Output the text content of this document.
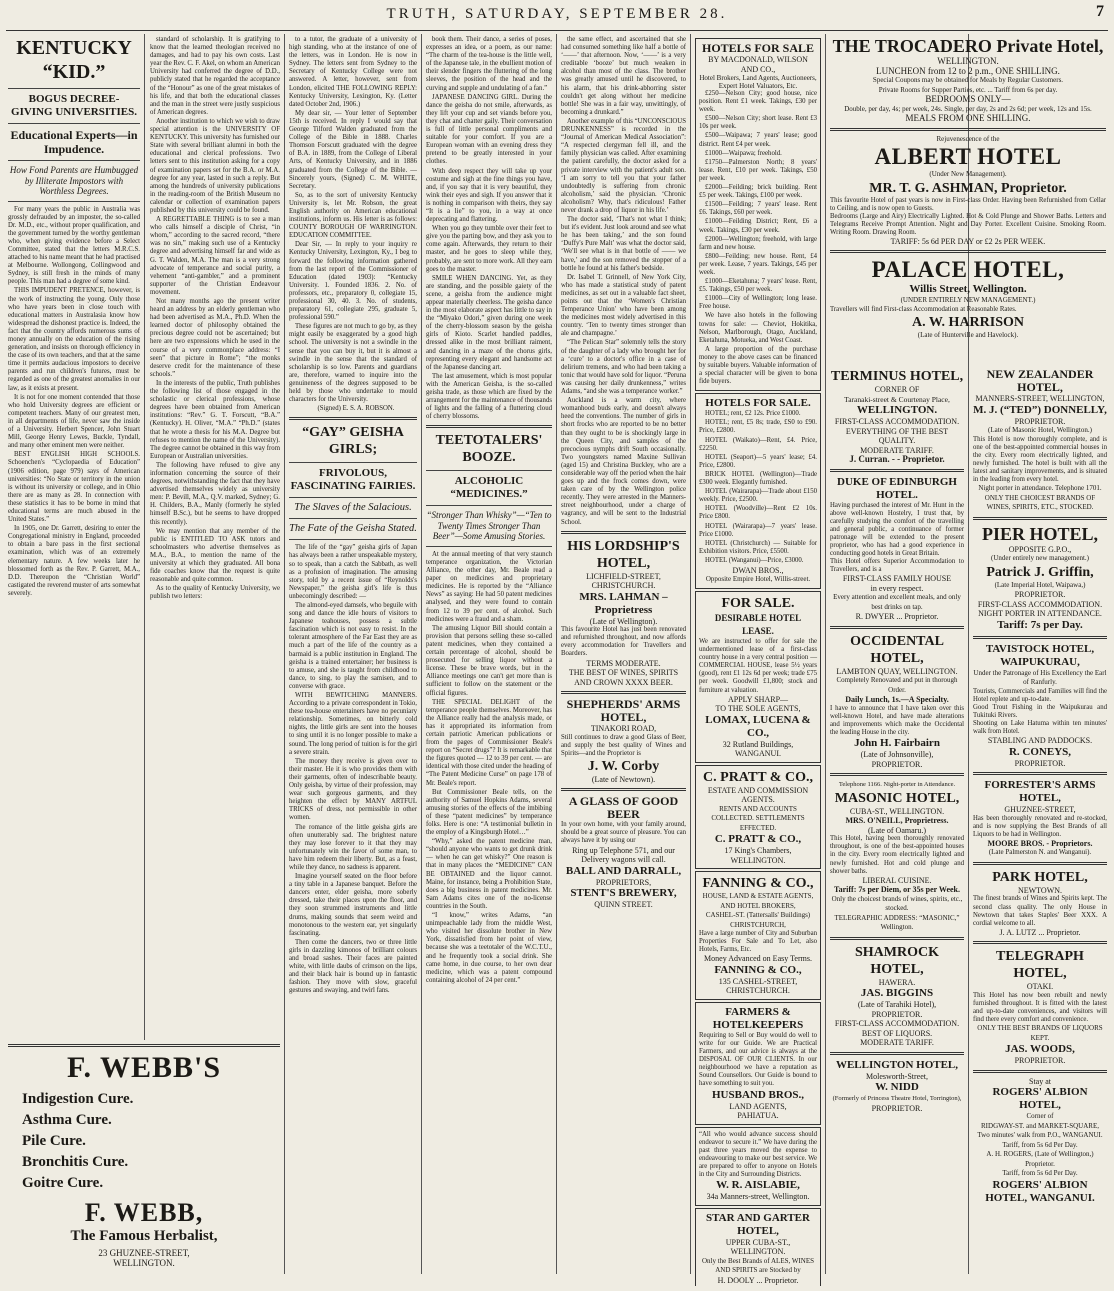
TRUTH, SATURDAY, SEPTEMBER 28.	7
KENTUCKY “KID.”
BOGUS DECREE-GIVING UNIVERSITIES.
Educational Experts—in Impudence.
How Fond Parents are Humbugged by Illiterate Impostors with Worthless Degrees.

For many years the public in Australia was grossly defrauded by an imposter, the so-called Dr. M.D., etc., without proper qualification, and the government turned by the worthy gentleman who, when giving evidence before a Select Committee, stated that the letters M.R.C.S. attached to his name meant that he had practised at Melbourne. Wollongong, Collingwood and Sydney, is still fresh in the minds of many people. This man had a degree of some kind.

THIS IMPUDENT PRETENCE, however, is the work of instructing the young. Only those who have years been in close touch with educational matters in Australasia know how widespread the dishonest practice is. Indeed, the fact that the country affords numerous sums of money annually on the education of the rising generation, and insists on thorough efficiency in the case of its own teachers, and that at the same time it permits audacious impostors to deceive parents and run children's futures, must be regarded as one of the greatest anomalies in our law, as it exists at present.

It is not for one moment contended that those who hold University degrees are efficient or competent teachers. Many of our greatest men, in all departments of life, never saw the inside of a University. Herbert Spencer, John Stuart Mill, George Henry Lewes, Buckle, Tyndall, and many other eminent men were neither.

BEST ENGLISH HIGH SCHOOLS. Schoenchen's “Cyclopaedia of Education” (1906 edition, page 979) says of American universities: “No State or territory in the union is without its university or college, and in Ohio there are as many as 28. In connection with these statistics it has to be borne in mind that educational terms are much abused in the United States.”

In 1905, one Dr. Garrett, desiring to enter the Congregational ministry in England, proceeded to obtain a bare pass in the first sectional examination, which was of an extremely elementary nature. A few weeks later he blossomed forth as the Rev. P. Garrett, M.A., D.D. Thereupon the “Christian World” castigated the reverend muster of arts somewhat severely.

standard of scholarship. It is gratifying to know that the learned theologian received no damages, and had to pay his own costs. Last year the Rev. C. F. Akel, on whom an American University had conferred the degree of D.D., publicly stated that he regarded the acceptance of the “Honour” as one of the great mistakes of his life, and that both the educational classes and the man in the street were justly suspicious of American degrees.

Another institution to which we wish to draw special attention is the UNIVERSITY OF KENTUCKY. This university has furnished our State with several brilliant alumni in both the educational and clerical professions. Two letters sent to this institution asking for a copy of examination papers set for the B.A. or M.A. degree for any year, lasted in such a reply. But among the hundreds of university publications in the reading-room of the British Museum no calendar or collection of examination papers published by this university could be found.

A REGRETTABLE THING is to see a man who calls himself a disciple of Christ, “in whom,” according to the sacred record, “there was no sin,” making such use of a Kentucky degree and advertising himself far and wide as G. T. Walden, M.A. The man is a very strong advocate of temperance and social purity, a vehement “anti-gambler,” and a prominent supporter of the Christian Endeavour movement.

Not many months ago the present writer heard an address by an elderly gentleman who had been advertised as M.A., Ph.D. When the learned doctor of philosophy obtained the precious degree could not be ascertained; but here are two expressions which he used in the course of a very commonplace address: “I seen” that picture in Rome”; “the monks deserve credit for the maintenance of these schools.”

In the interests of the public, Truth publishes the following list of those engaged in the scholastic or clerical professions, whose degrees have been obtained from American institutions: “Rev.” G. T. Forscutt, “B.A.” (Kentucky). H. Oliver, “M.A.” “Ph.D.” (states that he wrote a thesis for his M.A. Degree but refuses to mention the name of the University). The degree cannot be obtained in this way from European or Australian universities.

The following have refused to give any information concerning the source of their degrees, notwithstanding the fact that they have advertised themselves widely as university men: P. Bevill, M.A., Q.V. marked, Sydney; G. H. Childers, B.A., Manly (formerly he styled himself B.Sc.), but he seems to have dropped this recently).

We may mention that any member of the public is ENTITLED TO ASK tutors and schoolmasters who advertise themselves as M.A., B.A., to mention the name of the university at which they graduated. All bona fide coaches know that the request is quite reasonable and quite common.

As to the quality of Kentucky University, we publish two letters:

F. WEBB'S
Indigestion Cure.
Asthma Cure.
Pile Cure.
Bronchitis Cure.
Goitre Cure.
F. WEBB,
The Famous Herbalist,
23 GHUZNEE-STREET,
WELLINGTON.

to a tutor, the graduate of a university of high standing, who at the instance of one of the letters, was in London. He is now in Sydney. The letters sent from Sydney to the Secretary of Kentucky College were not answered. A letter, however, sent from London, elicited THE FOLLOWING REPLY: Kentucky University, Lexington, Ky. (Letter dated October 2nd, 1906.)

My dear sir, — Your letter of September 15th is received. In reply I would say that George Tilford Walden graduated from the College of the Bible in 1888. Charles Thomson Forscutt graduated with the degree of B.A. in 1889, from the College of Liberal Arts, of Kentucky University, and in 1886 graduated from the College of the Bible. — Sincerely yours, (Signed) C. M. WHITE, Secretary.

So, as to the sort of university Kentucky University is, let Mr. Robson, the great English authority on American educational institutions, inform us. His letter is as follows: COUNTY BOROUGH OF WARRINGTON. EDUCATION COMMITTEE.

Dear Sir, — In reply to your inquiry re Kentucky University, Lexington, Ky., I beg to forward the following information gathered from the last report of the Commissioner of Education (dated 1903): “Kentucky University. 1. Founded 1836. 2. No. of professors, etc., preparatory 0, collegiate 15, professional 30, 40. 3. No. of students, preparatory 61, collegiate 295, graduate 5, professional 590.”

These figures are not much to go by, as they might easily be exaggerated by a good high school. The university is not a swindle in the sense that you can buy it, but it is almost a swindle in the sense that the standard of scholarship is so low. Parents and guardians are, therefore, warned to inquire into the genuineness of the degrees supposed to be held by those who undertake to mould characters for the University.

(Signed) E. S. A. ROBSON.

“GAY” GEISHA GIRLS;
FRIVOLOUS, FASCINATING FAIRIES.
The Slaves of the Salacious.
The Fate of the Geisha Stated.

The life of the “gay” geisha girls of Japan has always been a rather unspeakable mystery, so to speak, than a catch the Sabbath, as well as a profusion of imagination. The amusing story, told by a recent issue of “Reynolds's Newspaper,” the geisha girl's life is thus unbecomingly described: —

The almond-eyed damsels, who beguile with song and dance the idle hours of visitors to Japanese teahouses, possess a subtle fascination which is not easy to resist. In the tolerant atmosphere of the Far East they are as much a part of the life of the country as a barmaid is a public institution in England. The geisha is a trained entertainer; her business is to amuse, and she is taught from childhood to dance, to sing, to play the samisen, and to converse with grace.

WITH BEWITCHING MANNERS. According to a private correspondent in Tokio, these tea-house entertainers have no pecuniary relationship. Sometimes, on bitterly cold nights, the little girls are sent into the houses to sing until it is no longer possible to make a sound. The long period of tuition is for the girl a severe strain.

The money they receive is given over to their master. He it is who provides them with their garments, often of indescribable beauty. Only geisha, by virtue of their profession, may wear such gorgeous garments, and they heighten the effect by MANY ARTFUL TRICKS of dress, not permissible in other women.

The romance of the little geisha girls are often unutterably sad. The brightest nature they may lose forever to it that they may unfortunately win the favor of some man, to have him redeem their liberty. But, as a feast, while they dance, no sadness is apparent.

Imagine yourself seated on the floor before a tiny table in a Japanese banquet. Before the dancers enter, elder geisha, more soberly dressed, take their places upon the floor, and they soon strummed instruments and little drums, making sounds that seem weird and monotonous to the western ear, yet singularly fascinating.

Then come the dancers, two or three little girls in dazzling kimonos of brilliant colours and broad sashes. Their faces are painted white, with little daubs of crimson on the lips, and their black hair is bound up in fantastic fashion. They move with slow, graceful gestures and swaying, and twirl fans.

book them. Their dance, a series of poses, expresses an idea, or a poem, as our name: “The charm of the tea-house is the little well, of the Japanese tale, in the ebullient motion of their slender fingers the fluttering of the long sleeves, the position of the head and the curving and supple and undulating of a fan.”

JAPANESE DANCING GIRL. During the dance the geisha do not smile, afterwards, as they lift your cup and set viands before you, they chat and chatter gaily. Their conversation is full of little personal compliments and suitable for your comfort. If you are a European woman with an evening dress they pretend to be greatly interested in your clothes.

With deep respect they will take up your costume and sigh at the fine things you have, and, if you say that it is very beautiful, they wink their eyes and sigh. If you answer that it is nothing in comparison with theirs, they say “It is a lie” to you, in a way at once deprecating and flattering.

When you go they tumble over their feet to give you the parting bow, and they ask you to come again. Afterwards, they return to their master, and he goes to sleep while they, probably, are sent to more work. All they earn goes to the master.

SMILE WHEN DANCING. Yet, as they are standing, and the possible gaiety of the scene, a geisha from the audience might appear materially cheerless. The geisha dance in the most elaborate aspect has little to say in the “Miyako Odori,” given during one week of the cherry-blossom season by the geisha girls of Kioto. Scarlet handled paddles, dressed alike in the most brilliant raiment, and dancing in a maze of the chorus girls, representing every elegant and handsome act of the Japanese dancing art.

The last amusement, which is most popular with the American Geisha, is the so-called geisha trade, as those which are fixed by the arrangement for the maintenance of thousands of lights and the falling of a fluttering cloud of cherry blossoms.

TEETOTALERS' BOOZE.
ALCOHOLIC “MEDICINES.”
“Stronger Than Whisky”—“Ten to Twenty Times Stronger Than Beer”—Some Amusing Stories.

At the annual meeting of that very staunch temperance organization, the Victorian Alliance, the other day, Mr. Beale read a paper on medicines and proprietary medicines. He is reported by the “Alliance News” as saying: He had 50 patent medicines analysed, and they were found to contain from 12 to 39 per cent. of alcohol. Such medicines were a fraud and a sham.

The amusing Liquor Bill should contain a provision that persons selling these so-called patent medicines, when they contained a certain percentage of alcohol, should be prosecuted for selling liquor without a license. These be brave words, but in the Alliance meetings one can't get more than is sufficient to follow on the statement or the official figures.

THE SPECIAL DELIGHT of the temperance people themselves. Moreover, has the Alliance really had the analysis made, or has it appropriated its information from certain patriotic American publications or from the pages of Commissioner Beale's report on “Secret drugs”? It is remarkable that the figures quoted — 12 to 39 per cent. — are identical with those cited under the heading of “The Patent Medicine Curse” on page 178 of Mr. Beale's report.

But Commissioner Beale tells, on the authority of Samuel Hopkins Adams, several amusing stories of the effects of the imbibing of these “patent medicines” by temperance folks. Here is one: “A testimonial bulletin in the employ of a Kingsburgh Hotel…”

“Why,” asked the patent medicine man, “should anyone who wants to get drunk drink — when he can get whisky?” One reason is that in many places the “MEDICINE” CAN BE OBTAINED and the liquor cannot. Maine, for instance, being a Prohibition State, does a big business in patent medicines. Mr. Sam Adams cites one of the no-license countries in the South.

“I know,” writes Adams, “an unimpeachable lady from the middle West, who visited her dissolute brother in New York, dissatisfied from her point of view, because she was a teetotaler of the W.C.T.U., and he frequently took a social drink. She came home, in due course, to her own dear medicine, which was a patent compound containing alcohol of 24 per cent.”

the same effect, and ascertained that she had consumed something like half a bottle of ‘——’ that afternoon. Now, ‘——’ is a very creditable ‘booze’ but much weaken in alcohol than most of the class. The brother was greatly amused until he discovered, to his alarm, that his drink-abhorring sister couldn't get along without her medicine bottle! She was in a fair way, unwittingly, of becoming a drunkard.”

Another example of this “UNCONSCIOUS DRUNKENNESS” is recorded in the “Journal of American Medical Association”: “A respected clergyman fell ill, and the family physician was called. After examining the patient carefully, the doctor asked for a private interview with the patient's adult son. ‘I am sorry to tell you that your father undoubtedly is suffering from chronic alcoholism,’ said the physician. ‘Chronic alcoholism? Why, that's ridiculous! Father never drank a drop of liquor in his life.’

The doctor said, ‘That's not what I think; but it's evident. Just look around and see what he has been taking,’ and the son found ‘Duffy's Pure Malt’ was what the doctor said, ‘We'll see what is in that bottle of —— we have,’ and the son removed the stopper of a bottle he found at his father's bedside.

Dr. Isabel T. Grinnell, of New York City, who has made a statistical study of patent medicines, as set out in a valuable fact sheet, points out that the ‘Women's Christian Temperance Union' who have been among the medicines most widely advertised in this country. ‘Ten to twenty times stronger than ale and champagne.’

“The Pelican Star” solemnly tells the story of the daughter of a lady who brought her for a ‘cure’ to a doctor's office in a case of delirium tremens, and who had been taking a tonic that would have sold for liquor. “Peruna was causing her daily drunkenness,” writes Adams, “and she was a temperance worker.”

Auckland is a warm city, where womanhood buds early, and doesn't always heed the conventions. The number of girls in short frocks who are reported to be no better than they ought to be is shockingly large in the Queen City, and samples of the precocious nymphs drift South occasionally. Two youngsters named Maxine Sullivan (aged 15) and Christina Buckley, who are a considerable way off the period when the hair goes up and the frock comes down, were taken care of by the Wellington police recently. They were arrested in the Manners-street neighbourhood, under a charge of vagrancy, and will be sent to the Industrial School.

HIS LORDSHIP'S HOTEL,
LICHFIELD-STREET, CHRISTCHURCH.
MRS. LAHMAN – Proprietress
(Late of Wellington).
This favourite Hotel has just been renovated and refurnished throughout, and now affords every accommodation for Travellers and Boarders.
TERMS MODERATE.
THE BEST OF WINES, SPIRITS AND CROWN XXXX BEER.
SHEPHERDS' ARMS HOTEL,
TINAKORI ROAD,
Still continues to draw a good Glass of Beer, and supply the best quality of Wines and Spirits—and the Proprietor is
J. W. Corby
(Late of Newtown).
A GLASS OF GOOD BEER
In your own home, with your family around, should be a great source of pleasure. You can always have it by using our
Ring up Telephone 571, and our Delivery wagons will call.
BALL AND DARRALL,
PROPRIETORS,
STENT'S BREWERY,
QUINN STREET.
HOTELS FOR SALE
BY MACDONALD, WILSON AND CO.,
Hotel Brokers, Land Agents, Auctioneers, Expert Hotel Valuators, Etc.

£250—Nelson City; good house, nice position. Rent £1 week. Takings, £30 per week.

£500—Nelson City; short lease. Rent £3 10s per week.

£500—Waipawa; 7 years' lease; good district. Rent £4 per week.

£1000—Waipawa; freehold.

£1750—Palmerston North; 8 years' lease. Rent, £10 per week. Takings, £50 per week.

£2000—Feilding; brick building. Rent £5 per week. Takings, £100 per week.

£1500—Feilding; 7 years' lease. Rent £6. Takings, £60 per week.

£1000—Feilding District; Rent, £6 a week. Takings, £30 per week.

£2000—Wellington; freehold, with large farm and new house.

£800—Feilding; new house. Rent, £4 per week. Lease, 7 years. Takings, £45 per week.

£1000—Eketahuna; 7 years' lease. Rent, £5. Takings, £50 per week.

£1000—City of Wellington; long lease. Free house.

We have also hotels in the following towns for sale: — Cheviot, Hokitika, Nelson, Marlborough, Otago, Auckland, Eketahuna, Motueka, and West Coast.

A large proportion of the purchase money to the above cases can be financed by suitable buyers. Valuable information of a special character will be given to bona fide buyers.

HOTELS FOR SALE.

HOTEL; rent, £2 12s. Price £1000.

HOTEL; rent, £5 8s; trade, £S0 to £90. Price, £2800.

HOTEL (Waikato)—Rent, £4. Price, £2250.

HOTEL (Seaport)—5 years' lease; £4. Price, £2800.

BRICK HOTEL (Wellington)—Trade £300 week. Elegantly furnished.

HOTEL (Wairarapa)—Trade about £150 weekly. Price, £2500.

HOTEL (Woodville)—Rent £2 10s. Price £800.

HOTEL (Wairarapa)—7 years' lease. Price £1000.

HOTEL (Christchurch) — Suitable for Exhibition visitors. Price, £5500.

HOTEL (Wanganui)—Price, £3000.

DWAN BROS.,
Opposite Empire Hotel, Willis-street.
FOR SALE.
DESIRABLE HOTEL LEASE.
We are instructed to offer for sale the undermentioned lease of a first-class country house in a very central position — COMMERCIAL HOUSE, lease 5½ years (good), rent £1 12s 6d per week; trade £75 per week. Goodwill £1,800; stock and furniture at valuation.
APPLY SHARP—
TO THE SOLE AGENTS,
LOMAX, LUCENA & CO.,
32 Rutland Buildings, WANGANUI.
C. PRATT & CO.,
ESTATE AND COMMISSION AGENTS.
RENTS AND ACCOUNTS COLLECTED. SETTLEMENTS EFFECTED.
C. PRATT & CO.,
17 King's Chambers, WELLINGTON.
FANNING & CO.,
HOUSE, LAND & ESTATE AGENTS, AND HOTEL BROKERS,
CASHEL-ST. (Tattersalls' Buildings) CHRISTCHURCH,
Have a large number of City and Suburban Properties For Sale and To Let, also Hotels, Farms, Etc.
Money Advanced on Easy Terms.
FANNING & CO.,
135 CASHEL-STREET, CHRISTCHURCH.
FARMERS & HOTELKEEPERS
Requiring to Sell or Buy would do well to write for our Guide. We are Practical Farmers, and our advice is always at the DISPOSAL OF OUR CLIENTS. In our neighbourhood we have a reputation as Sound Counsellors. Our Guide is bound to have something to suit you.
HUSBAND BROS.,
LAND AGENTS,
PAHIATUA.
“All who would advance success should endeavor to secure it.” We have during the past three years moved the expense to endeavouring to make our best service. We are prepared to offer to anyone on Hotels in the City and Surrounding Districts.
W. R. AISLABIE,
34a Manners-street, Wellington.
STAR AND GARTER HOTEL,
UPPER CUBA-ST., WELLINGTON.
Only the Best Brands of ALES, WINES AND SPIRITS are Stocked by
H. DOOLY ... Proprietor.
THE TROCADERO Private Hotel,
WELLINGTON.
LUNCHEON from 12 to 2 p.m., ONE SHILLING.
Special Coupons may be obtained for Meals by Regular Customers.
Private Rooms for Supper Parties, etc. ... Tariff from 6s per day.
BEDROOMS ONLY—
Double, per day, 4s; per week, 24s. Single, per day, 2s and 2s 6d; per week, 12s and 15s.
MEALS FROM ONE SHILLING.
Rejuvenescence of the
ALBERT HOTEL
(Under New Management).
MR. T. G. ASHMAN, Proprietor.
This favourite Hotel of past years is now in First-class Order. Having been Refurnished from Cellar to Ceiling, and is now open to Guests.
Bedrooms (Large and Airy) Electrically Lighted. Hot & Cold Plunge and Shower Baths. Letters and Telegrams Receive Prompt Attention. Night and Day Porter. Excellent Cuisine. Smoking Room. Writing Room. Drawing Room.
TARIFF: 5s 6d PER DAY or £2 2s PER WEEK.
PALACE HOTEL,
Willis Street, Wellington.
(UNDER ENTIRELY NEW MANAGEMENT.)
Travellers will find First-class Accommodation at Reasonable Rates.
A. W. HARRISON
(Late of Hunterville and Havelock).
TERMINUS HOTEL,
CORNER OF
Taranaki-street & Courtenay Place,
WELLINGTON.
FIRST-CLASS ACCOMMODATION.
EVERYTHING OF THE BEST QUALITY.
MODERATE TARIFF.
J. Curran. - - Proprietor.
DUKE OF EDINBURGH HOTEL.
Having purchased the interest of Mr. Hunt in the above well-known Hostelry, I trust that, by carefully studying the comfort of the travelling and general public, a continuance of former patronage will be extended to the present proprietor, who has had a good experience in conducting good hotels in Great Britain.
This Hotel offers Superior Accommodation to Travellers, and is a
FIRST-CLASS FAMILY HOUSE
in every respect.
Every attention and excellent meals, and only best drinks on tap.
R. DWYER ... Proprietor.
OCCIDENTAL HOTEL,
LAMBTON QUAY, WELLINGTON.
Completely Renovated and put in thorough Order.
Daily Lunch, 1s.—A Specialty.
I have to announce that I have taken over this well-known Hotel, and have made alterations and improvements which make the Occidental the leading House in the city.
John H. Fairbairn
(Late of Johnsonville),
PROPRIETOR.
Telephone 1166. Night-porter in Attendance.
MASONIC HOTEL,
CUBA-ST., WELLINGTON.
MRS. O'NEILL, Proprietress.
(Late of Oamaru.)
This Hotel, having been thoroughly renovated throughout, is one of the best-appointed houses in the city. Every room electrically lighted and newly furnished. Hot and cold plunge and shower baths.
LIBERAL CUISINE.
Tariff: 7s per Diem, or 35s per Week.
Only the choicest brands of wines, spirits, etc., stocked.
TELEGRAPHIC ADDRESS: “MASONIC,” Wellington.
SHAMROCK HOTEL,
HAWERA.
JAS. BIGGINS
(Late of Tarahiki Hotel),
PROPRIETOR.
FIRST-CLASS ACCOMMODATION.
BEST OF LIQUORS.
MODERATE TARIFF.
WELLINGTON HOTEL,
Molesworth-Street,
W. NIDD
(Formerly of Princess Theatre Hotel, Torrington),
PROPRIETOR.
NEW ZEALANDER HOTEL,
MANNERS-STREET, WELLINGTON,
M. J. (“TED”) DONNELLY,
PROPRIETOR.
(Late of Masonic Hotel, Wellington.)
This Hotel is now thoroughly complete, and is one of the best-appointed commercial houses in the city. Every room electrically lighted, and newly furnished. The hotel is built with all the latest and sanitary improvements, and is situated in the leading from every hotel.
Night porter in attendance. Telephone 1701.
ONLY THE CHOICEST BRANDS OF WINES, SPIRITS, ETC., STOCKED.
PIER HOTEL,
OPPOSITE G.P.O.,
(Under entirely new management.)
Patrick J. Griffin,
(Late Imperial Hotel, Waipawa,)
PROPRIETOR.
FIRST-CLASS ACCOMMODATION.
NIGHT PORTER IN ATTENDANCE.
Tariff: 7s per Day.
TAVISTOCK HOTEL,
WAIPUKURAU,
Under the Patronage of His Excellency the Earl of Ranfurly.
Tourists, Commercials and Families will find the Hotel replete and up-to-date.
Good Trout Fishing in the Waipukurau and Tukituki Rivers.
Shooting on Lake Hatuma within ten minutes' walk from Hotel.
STABLING AND PADDOCKS.
R. CONEYS,
PROPRIETOR.
FORRESTER'S ARMS HOTEL,
GHUZNEE-STREET,
Has been thoroughly renovated and re-stocked, and is now supplying the Best Brands of all Liquors to be had in Wellington.
MOORE BROS. - Proprietors.
(Late Palmerston N. and Wanganui).
PARK HOTEL,
NEWTOWN.
The finest brands of Wines and Spirits kept. The second class quality. The only House in Newtown that takes Staples' Beer XXX. A cordial welcome to all.
J. A. LUTZ ... Proprietor.
TELEGRAPH HOTEL,
OTAKI.
This Hotel has now been rebuilt and newly furnished throughout. It is fitted with the latest and up-to-date conveniences, and visitors will find there every comfort and convenience.
ONLY THE BEST BRANDS OF LIQUORS KEPT.
JAS. WOODS,
PROPRIETOR.
Stay at
ROGERS' ALBION HOTEL,
Corner of
RIDGWAY-ST. and MARKET-SQUARE,
Two minutes' walk from P.O., WANGANUI.
Tariff, from 5s 6d Per Day.
A. H. ROGERS, (Late of Wellington,) Proprietor.
Tariff, from 5s 6d Per Day.
ROGERS' ALBION HOTEL, WANGANUI.
